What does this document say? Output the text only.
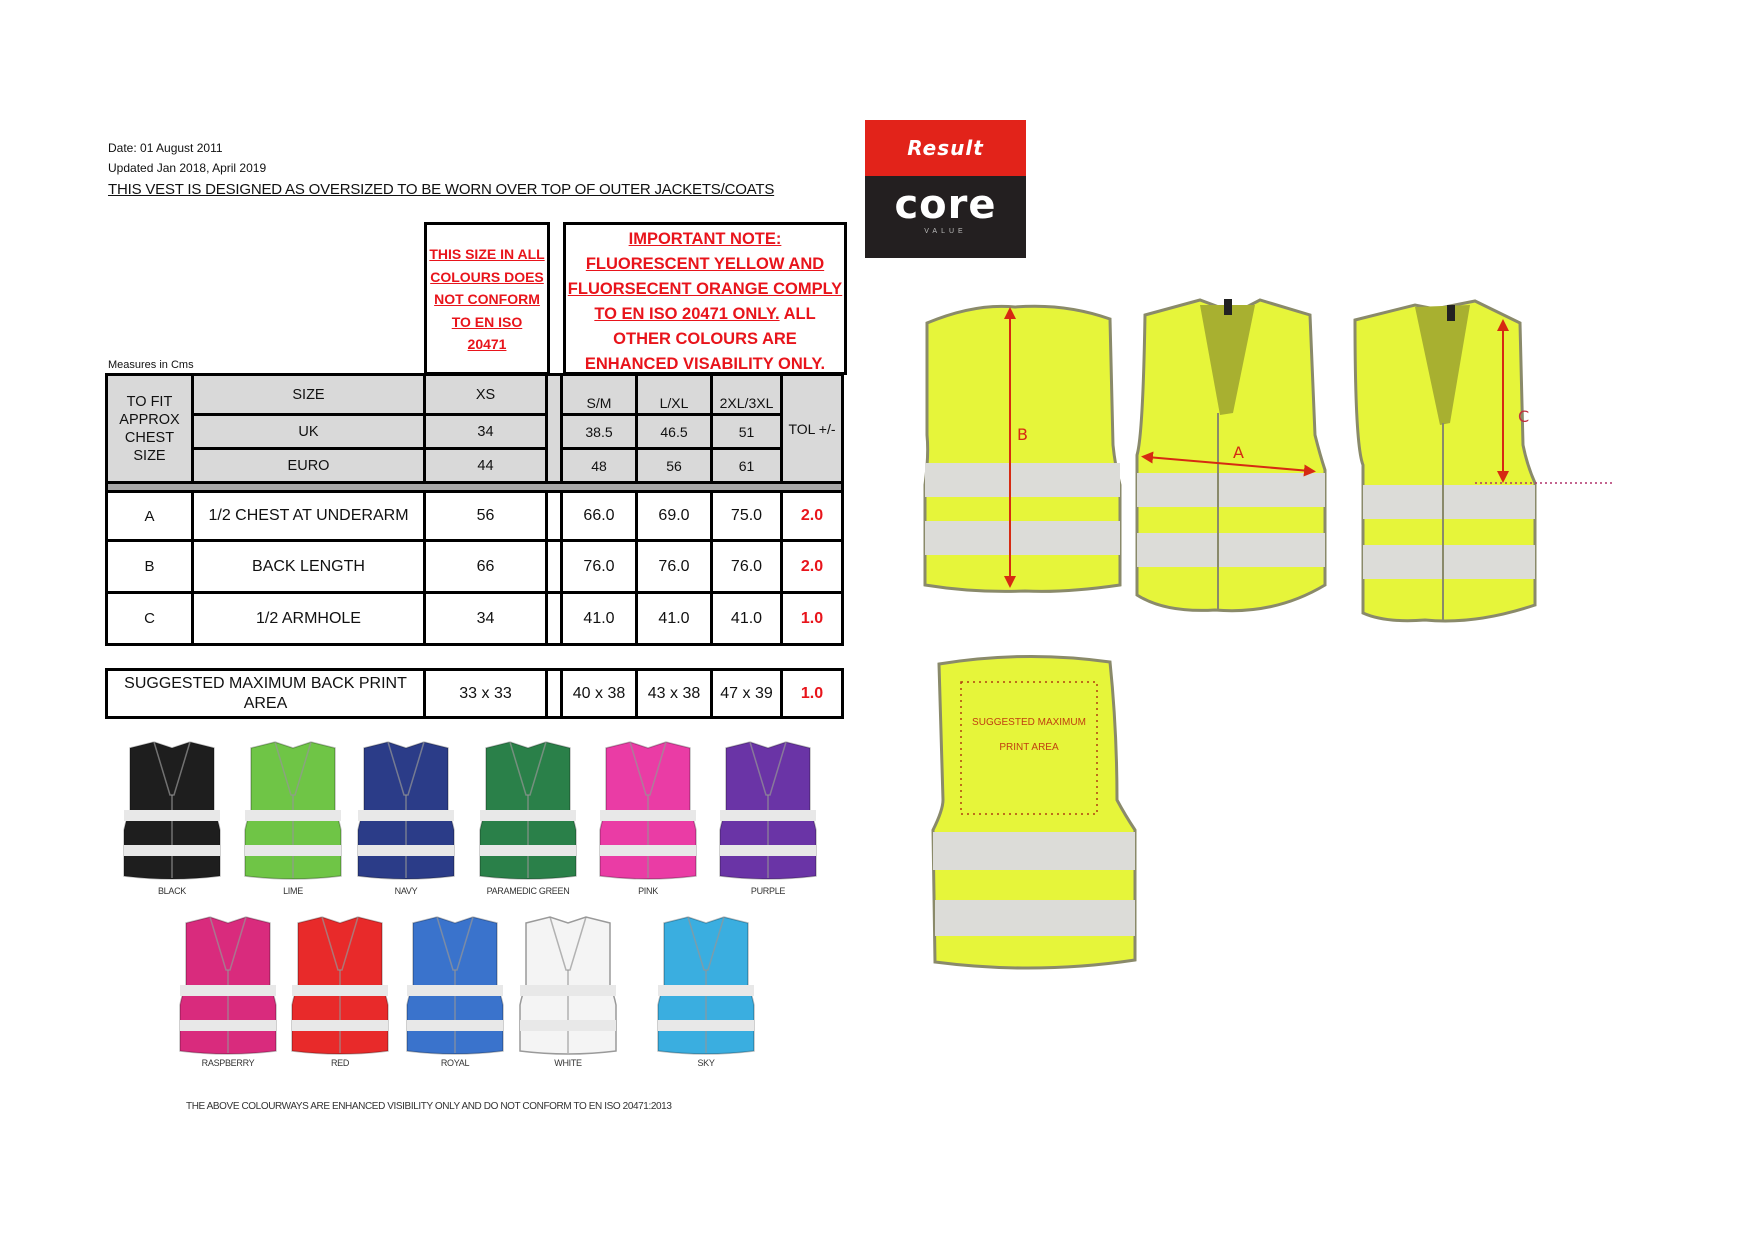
Date: 01 August 2011
Updated Jan 2018, April 2019
THIS VEST IS DESIGNED AS OVERSIZED TO BE WORN OVER TOP OF OUTER JACKETS/COATS
Measures in Cms
THIS SIZE IN ALL
COLOURS DOES
NOT CONFORM
TO EN ISO
20471
IMPORTANT NOTE:
FLUORESCENT YELLOW AND
FLUORSECENT ORANGE COMPLY
TO EN ISO 20471 ONLY. ALL
OTHER COLOURS ARE
ENHANCED VISABILITY ONLY.
Result
core
VALUE
TO FIT APPROX CHEST SIZE	SIZE	XS		S/M	L/XL	2XL/3XL	TOL +/-
	UK	34		38.5	46.5	51	
	EURO	44		48	56	61	

A	1/2 CHEST AT UNDERARM	56		66.0	69.0	75.0	2.0
B	BACK LENGTH	66		76.0	76.0	76.0	2.0
C	1/2 ARMHOLE	34		41.0	41.0	41.0	1.0
SUGGESTED MAXIMUM BACK PRINT AREA	33 x 33		40 x 38	43 x 38	47 x 39	1.0
B
A
C
SUGGESTED MAXIMUM
PRINT AREA
BLACK	LIME	NAVY	PARAMEDIC GREEN	PINK	PURPLE
RASPBERRY	RED	ROYAL	WHITE	SKY
THE ABOVE COLOURWAYS ARE ENHANCED VISIBILITY ONLY AND DO NOT CONFORM TO EN ISO 20471:2013
